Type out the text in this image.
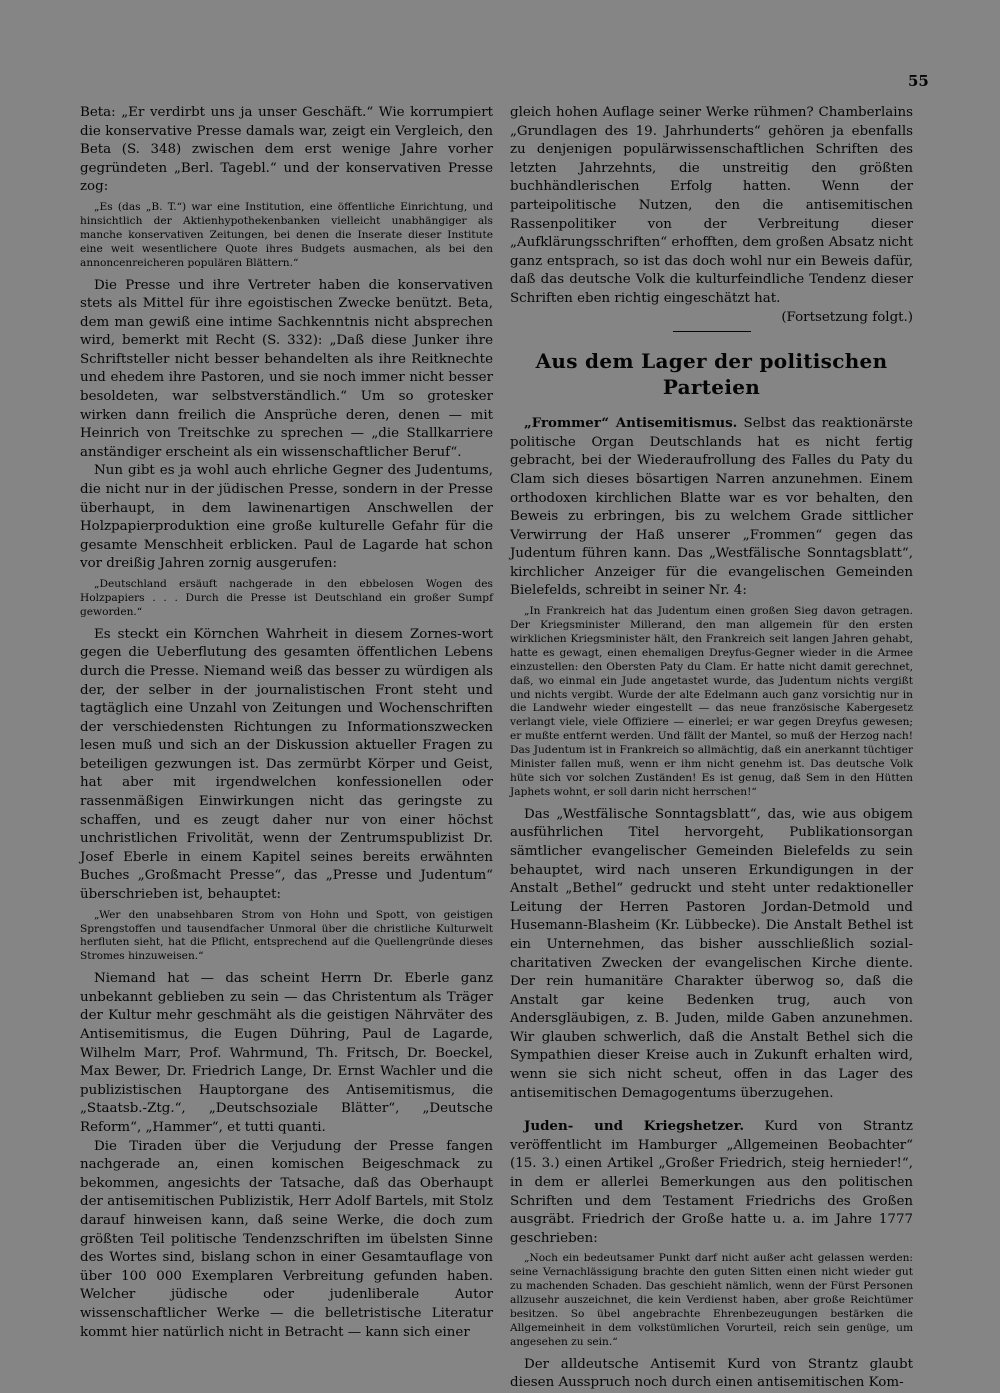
55

Beta: „Er verdirbt uns ja unser Geschäft.“ Wie korrumpiert die konservative Presse damals war, zeigt ein Vergleich, den Beta (S. 348) zwischen dem erst wenige Jahre vorher gegründeten „Berl. Tagebl.“ und der konservativen Presse zog:

„Es (das „B. T.“) war eine Institution, eine öffentliche Einrichtung, und hinsichtlich der Aktienhypothekenbanken vielleicht unabhängiger als manche konservativen Zeitungen, bei denen die Inserate dieser Institute eine weit wesentlichere Quote ihres Budgets ausmachen, als bei den annoncenreicheren populären Blättern.“

Die Presse und ihre Vertreter haben die konservativen stets als Mittel für ihre egoistischen Zwecke benützt. Beta, dem man gewiß eine intime Sachkenntnis nicht absprechen wird, bemerkt mit Recht (S. 332): „Daß diese Junker ihre Schriftsteller nicht besser behandelten als ihre Reitknechte und ehedem ihre Pastoren, und sie noch immer nicht besser besoldeten, war selbstverständlich.“ Um so grotesker wirken dann freilich die Ansprüche deren, denen — mit Heinrich von Treitschke zu sprechen — „die Stallkarriere anständiger erscheint als ein wissenschaftlicher Beruf“.

Nun gibt es ja wohl auch ehrliche Gegner des Judentums, die nicht nur in der jüdischen Presse, sondern in der Presse überhaupt, in dem lawinenartigen Anschwellen der Holzpapierproduktion eine große kulturelle Gefahr für die gesamte Menschheit erblicken. Paul de Lagarde hat schon vor dreißig Jahren zornig ausgerufen:

„Deutschland ersäuft nachgerade in den ebbelosen Wogen des Holzpapiers . . . Durch die Presse ist Deutschland ein großer Sumpf geworden.“

Es steckt ein Körnchen Wahrheit in diesem Zornes-wort gegen die Ueberflutung des gesamten öffentlichen Lebens durch die Presse. Niemand weiß das besser zu würdigen als der, der selber in der journalistischen Front steht und tagtäglich eine Unzahl von Zeitungen und Wochenschriften der verschiedensten Richtungen zu Informationszwecken lesen muß und sich an der Diskussion aktueller Fragen zu beteiligen gezwungen ist. Das zermürbt Körper und Geist, hat aber mit irgendwelchen konfessionellen oder rassenmäßigen Einwirkungen nicht das geringste zu schaffen, und es zeugt daher nur von einer höchst unchristlichen Frivolität, wenn der Zentrumspublizist Dr. Josef Eberle in einem Kapitel seines bereits erwähnten Buches „Großmacht Presse“, das „Presse und Judentum“ überschrieben ist, behauptet:

„Wer den unabsehbaren Strom von Hohn und Spott, von geistigen Sprengstoffen und tausendfacher Unmoral über die christliche Kulturwelt herfluten sieht, hat die Pflicht, entsprechend auf die Quellengründe dieses Stromes hinzuweisen.“

Niemand hat — das scheint Herrn Dr. Eberle ganz unbekannt geblieben zu sein — das Christentum als Träger der Kultur mehr geschmäht als die geistigen Nährväter des Antisemitismus, die Eugen Dühring, Paul de Lagarde, Wilhelm Marr, Prof. Wahrmund, Th. Fritsch, Dr. Boeckel, Max Bewer, Dr. Friedrich Lange, Dr. Ernst Wachler und die publizistischen Hauptorgane des Antisemitismus, die „Staatsb.-Ztg.“, „Deutschsoziale Blätter“, „Deutsche Reform“, „Hammer“, et tutti quanti.

Die Tiraden über die Verjudung der Presse fangen nachgerade an, einen komischen Beigeschmack zu bekommen, angesichts der Tatsache, daß das Oberhaupt der antisemitischen Publizistik, Herr Adolf Bartels, mit Stolz darauf hinweisen kann, daß seine Werke, die doch zum größten Teil politische Tendenzschriften im übelsten Sinne des Wortes sind, bislang schon in einer Gesamtauflage von über 100 000 Exemplaren Verbreitung gefunden haben. Welcher jüdische oder judenliberale Autor wissenschaftlicher Werke — die belletristische Literatur kommt hier natürlich nicht in Betracht — kann sich einer

gleich hohen Auflage seiner Werke rühmen? Chamberlains „Grundlagen des 19. Jahrhunderts“ gehören ja ebenfalls zu denjenigen populärwissenschaftlichen Schriften des letzten Jahrzehnts, die unstreitig den größten buchhändlerischen Erfolg hatten. Wenn der parteipolitische Nutzen, den die antisemitischen Rassenpolitiker von der Verbreitung dieser „Aufklärungsschriften“ erhofften, dem großen Absatz nicht ganz entsprach, so ist das doch wohl nur ein Beweis dafür, daß das deutsche Volk die kulturfeindliche Tendenz dieser Schriften eben richtig eingeschätzt hat.

(Fortsetzung folgt.)

Aus dem Lager der politischen Parteien

„Frommer“ Antisemitismus. Selbst das reaktionärste politische Organ Deutschlands hat es nicht fertig gebracht, bei der Wiederaufrollung des Falles du Paty du Clam sich dieses bösartigen Narren anzunehmen. Einem orthodoxen kirchlichen Blatte war es vor behalten, den Beweis zu erbringen, bis zu welchem Grade sittlicher Verwirrung der Haß unserer „Frommen“ gegen das Judentum führen kann. Das „Westfälische Sonntagsblatt“, kirchlicher Anzeiger für die evangelischen Gemeinden Bielefelds, schreibt in seiner Nr. 4:

„In Frankreich hat das Judentum einen großen Sieg davon getragen. Der Kriegsminister Millerand, den man allgemein für den ersten wirklichen Kriegsminister hält, den Frankreich seit langen Jahren gehabt, hatte es gewagt, einen ehemaligen Dreyfus-Gegner wieder in die Armee einzustellen: den Obersten Paty du Clam. Er hatte nicht damit gerechnet, daß, wo einmal ein Jude angetastet wurde, das Judentum nichts vergißt und nichts vergibt. Wurde der alte Edelmann auch ganz vorsichtig nur in die Landwehr wieder eingestellt — das neue französische Kabergesetz verlangt viele, viele Offiziere — einerlei; er war gegen Dreyfus gewesen; er mußte entfernt werden. Und fällt der Mantel, so muß der Herzog nach! Das Judentum ist in Frankreich so allmächtig, daß ein anerkannt tüchtiger Minister fallen muß, wenn er ihm nicht genehm ist. Das deutsche Volk hüte sich vor solchen Zuständen! Es ist genug, daß Sem in den Hütten Japhets wohnt, er soll darin nicht herrschen!“

Das „Westfälische Sonntagsblatt“, das, wie aus obigem ausführlichen Titel hervorgeht, Publikationsorgan sämtlicher evangelischer Gemeinden Bielefelds zu sein behauptet, wird nach unseren Erkundigungen in der Anstalt „Bethel“ gedruckt und steht unter redaktioneller Leitung der Herren Pastoren Jordan-Detmold und Husemann-Blasheim (Kr. Lübbecke). Die Anstalt Bethel ist ein Unternehmen, das bisher ausschließlich sozial-charitativen Zwecken der evangelischen Kirche diente. Der rein humanitäre Charakter überwog so, daß die Anstalt gar keine Bedenken trug, auch von Andersgläubigen, z. B. Juden, milde Gaben anzunehmen. Wir glauben schwerlich, daß die Anstalt Bethel sich die Sympathien dieser Kreise auch in Zukunft erhalten wird, wenn sie sich nicht scheut, offen in das Lager des antisemitischen Demagogentums überzugehen.

Juden- und Kriegshetzer. Kurd von Strantz veröffentlicht im Hamburger „Allgemeinen Beobachter“ (15. 3.) einen Artikel „Großer Friedrich, steig hernieder!“, in dem er allerlei Bemerkungen aus den politischen Schriften und dem Testament Friedrichs des Großen ausgräbt. Friedrich der Große hatte u. a. im Jahre 1777 geschrieben:

„Noch ein bedeutsamer Punkt darf nicht außer acht gelassen werden: seine Vernachlässigung brachte den guten Sitten einen nicht wieder gut zu machenden Schaden. Das geschieht nämlich, wenn der Fürst Personen allzusehr auszeichnet, die kein Verdienst haben, aber große Reichtümer besitzen. So übel angebrachte Ehrenbezeugungen bestärken die Allgemeinheit in dem volkstümlichen Vorurteil, reich sein genüge, um angesehen zu sein.“

Der alldeutsche Antisemit Kurd von Strantz glaubt diesen Ausspruch noch durch einen antisemitischen Kom-
